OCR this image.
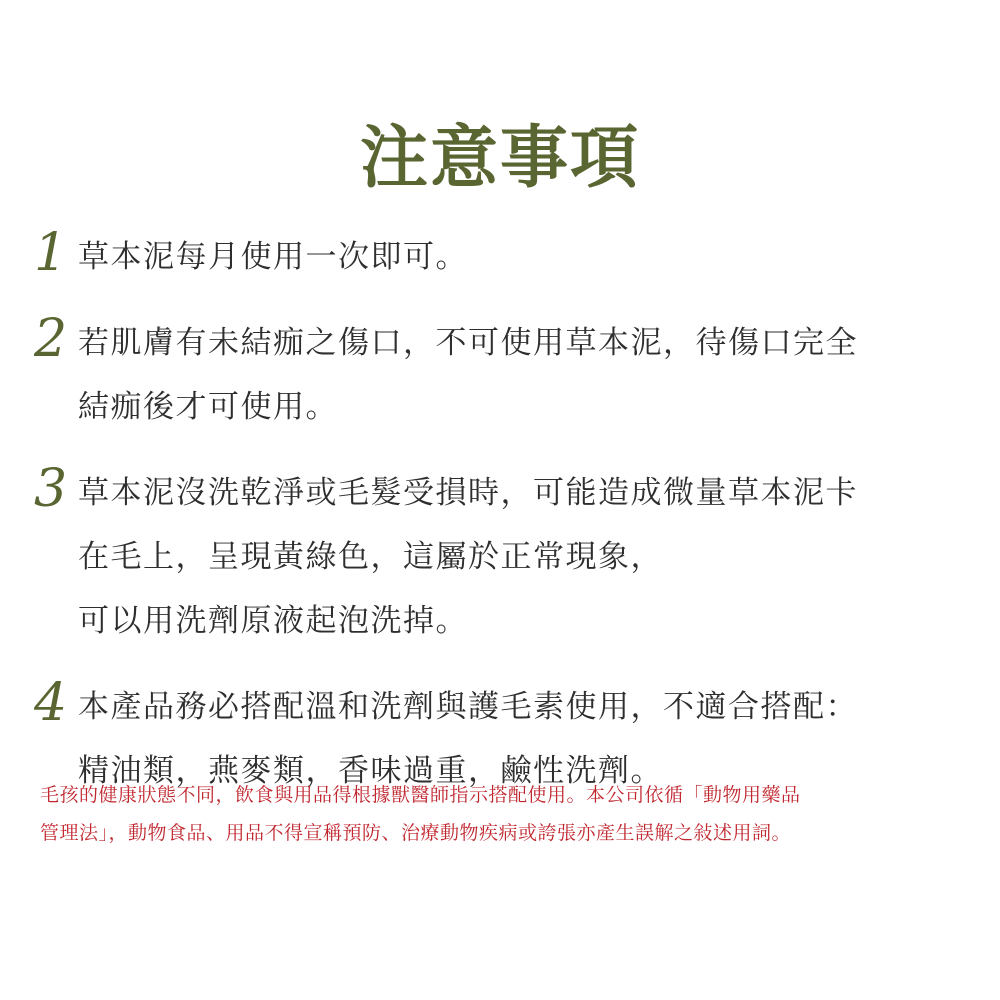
注意事項
1 草本泥每月使用一次即可。
2 若肌膚有未結痂之傷口，不可使用草本泥，待傷口完全
結痂後才可使用。
3 草本泥沒洗乾淨或毛髮受損時，可能造成微量草本泥卡
在毛上，呈現黃綠色，這屬於正常現象，
可以用洗劑原液起泡洗掉。
4 本產品務必搭配溫和洗劑與護毛素使用，不適合搭配：
精油類，燕麥類，香味過重，鹼性洗劑。
毛孩的健康狀態不同，飲食與用品得根據獸醫師指示搭配使用。本公司依循「動物用藥品
管理法」，動物食品、用品不得宣稱預防、治療動物疾病或誇張亦產生誤解之敍述用詞。
